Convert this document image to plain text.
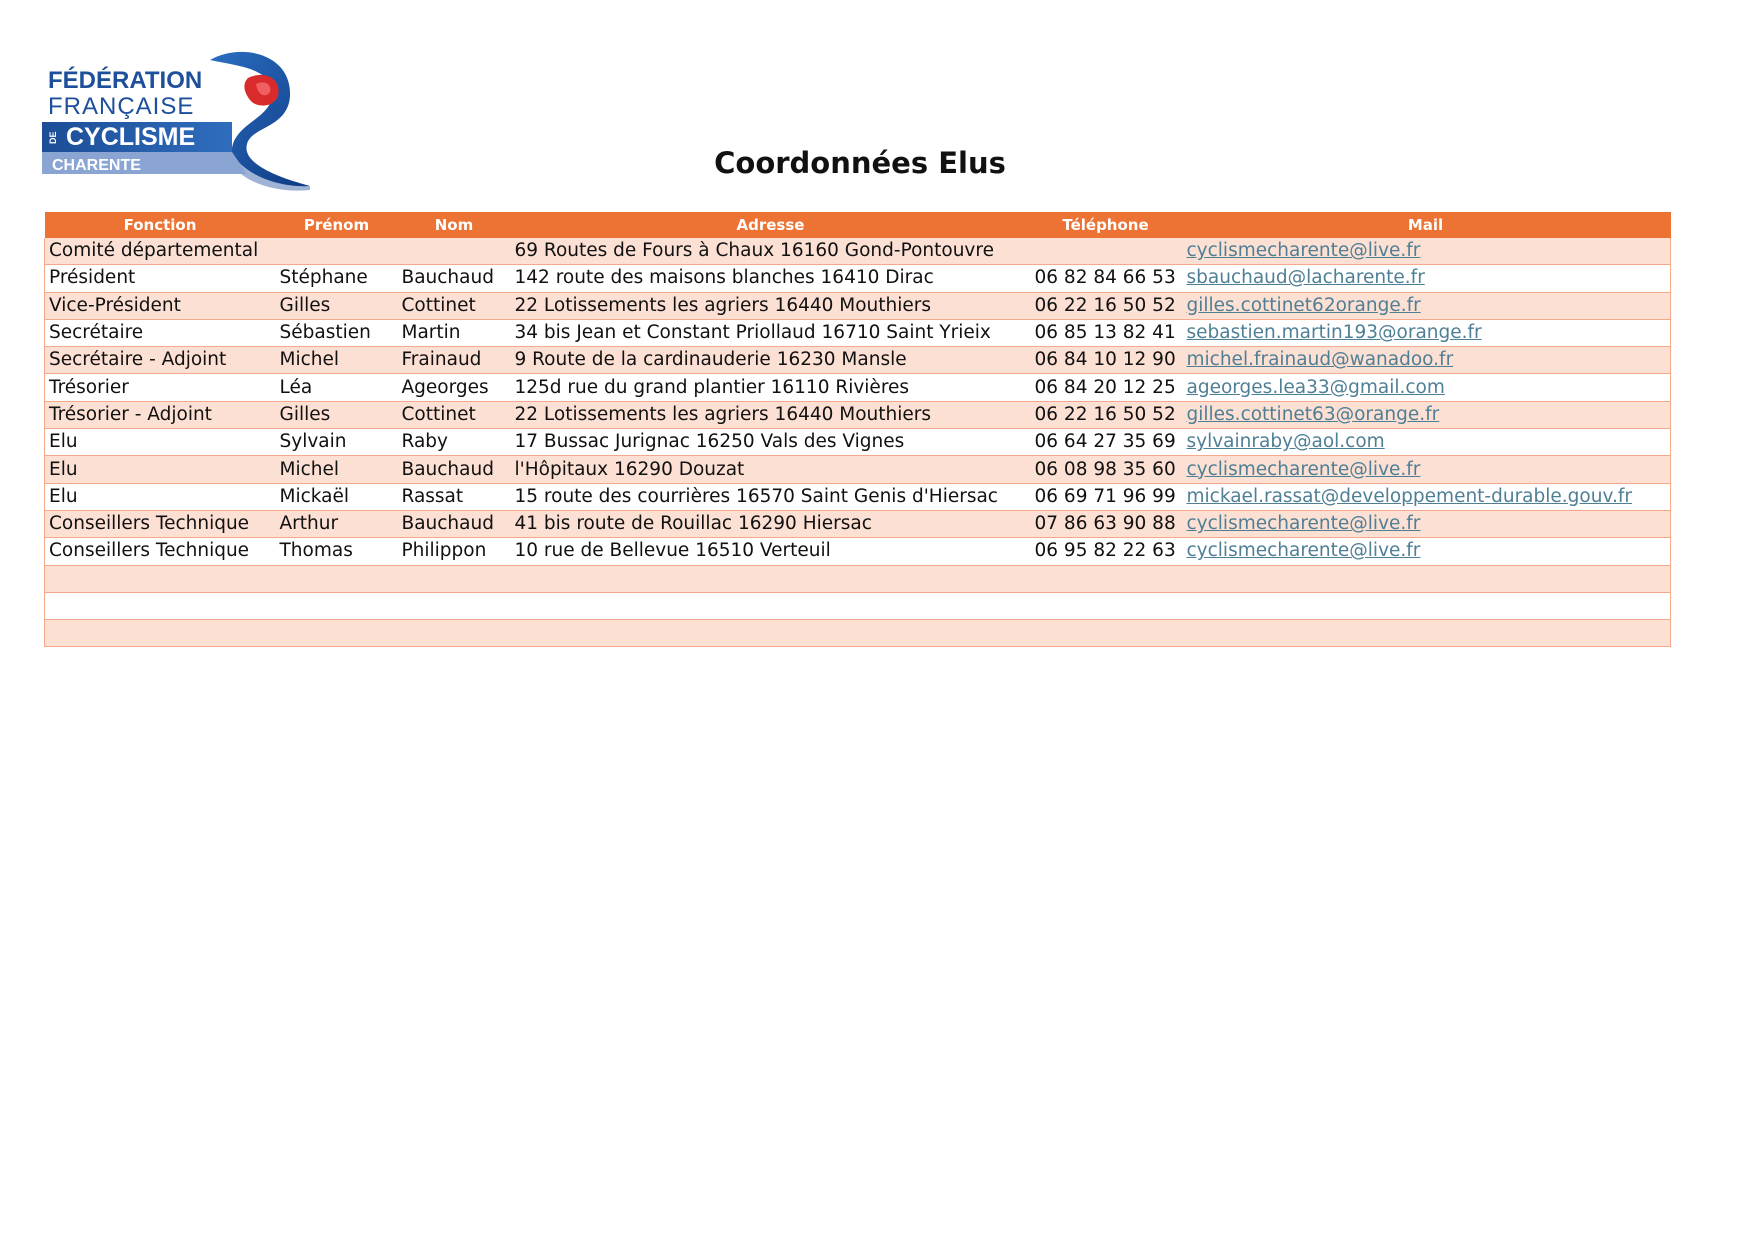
FÉDÉRATION
FRANÇAISE
DE CYCLISME
CHARENTE	Coordonnées Elus
Fonction	Prénom	Nom	Adresse	Téléphone	Mail
Comité départemental			69 Routes de Fours à Chaux 16160 Gond-Pontouvre		cyclismecharente@live.fr
Président	Stéphane	Bauchaud	142 route des maisons blanches 16410 Dirac	06 82 84 66 53	sbauchaud@lacharente.fr
Vice-Président	Gilles	Cottinet	22 Lotissements les agriers 16440 Mouthiers	06 22 16 50 52	gilles.cottinet62orange.fr
Secrétaire	Sébastien	Martin	34 bis Jean et Constant Priollaud 16710 Saint Yrieix	06 85 13 82 41	sebastien.martin193@orange.fr
Secrétaire - Adjoint	Michel	Frainaud	9 Route de la cardinauderie 16230 Mansle	06 84 10 12 90	michel.frainaud@wanadoo.fr
Trésorier	Léa	Ageorges	125d rue du grand plantier 16110 Rivières	06 84 20 12 25	ageorges.lea33@gmail.com
Trésorier - Adjoint	Gilles	Cottinet	22 Lotissements les agriers 16440 Mouthiers	06 22 16 50 52	gilles.cottinet63@orange.fr
Elu	Sylvain	Raby	17 Bussac Jurignac 16250 Vals des Vignes	06 64 27 35 69	sylvainraby@aol.com
Elu	Michel	Bauchaud	l'Hôpitaux 16290 Douzat	06 08 98 35 60	cyclismecharente@live.fr
Elu	Mickaël	Rassat	15 route des courrières 16570 Saint Genis d'Hiersac	06 69 71 96 99	mickael.rassat@developpement-durable.gouv.fr
Conseillers Technique	Arthur	Bauchaud	41 bis route de Rouillac 16290 Hiersac	07 86 63 90 88	cyclismecharente@live.fr
Conseillers Technique	Thomas	Philippon	10 rue de Bellevue 16510 Verteuil	06 95 82 22 63	cyclismecharente@live.fr
